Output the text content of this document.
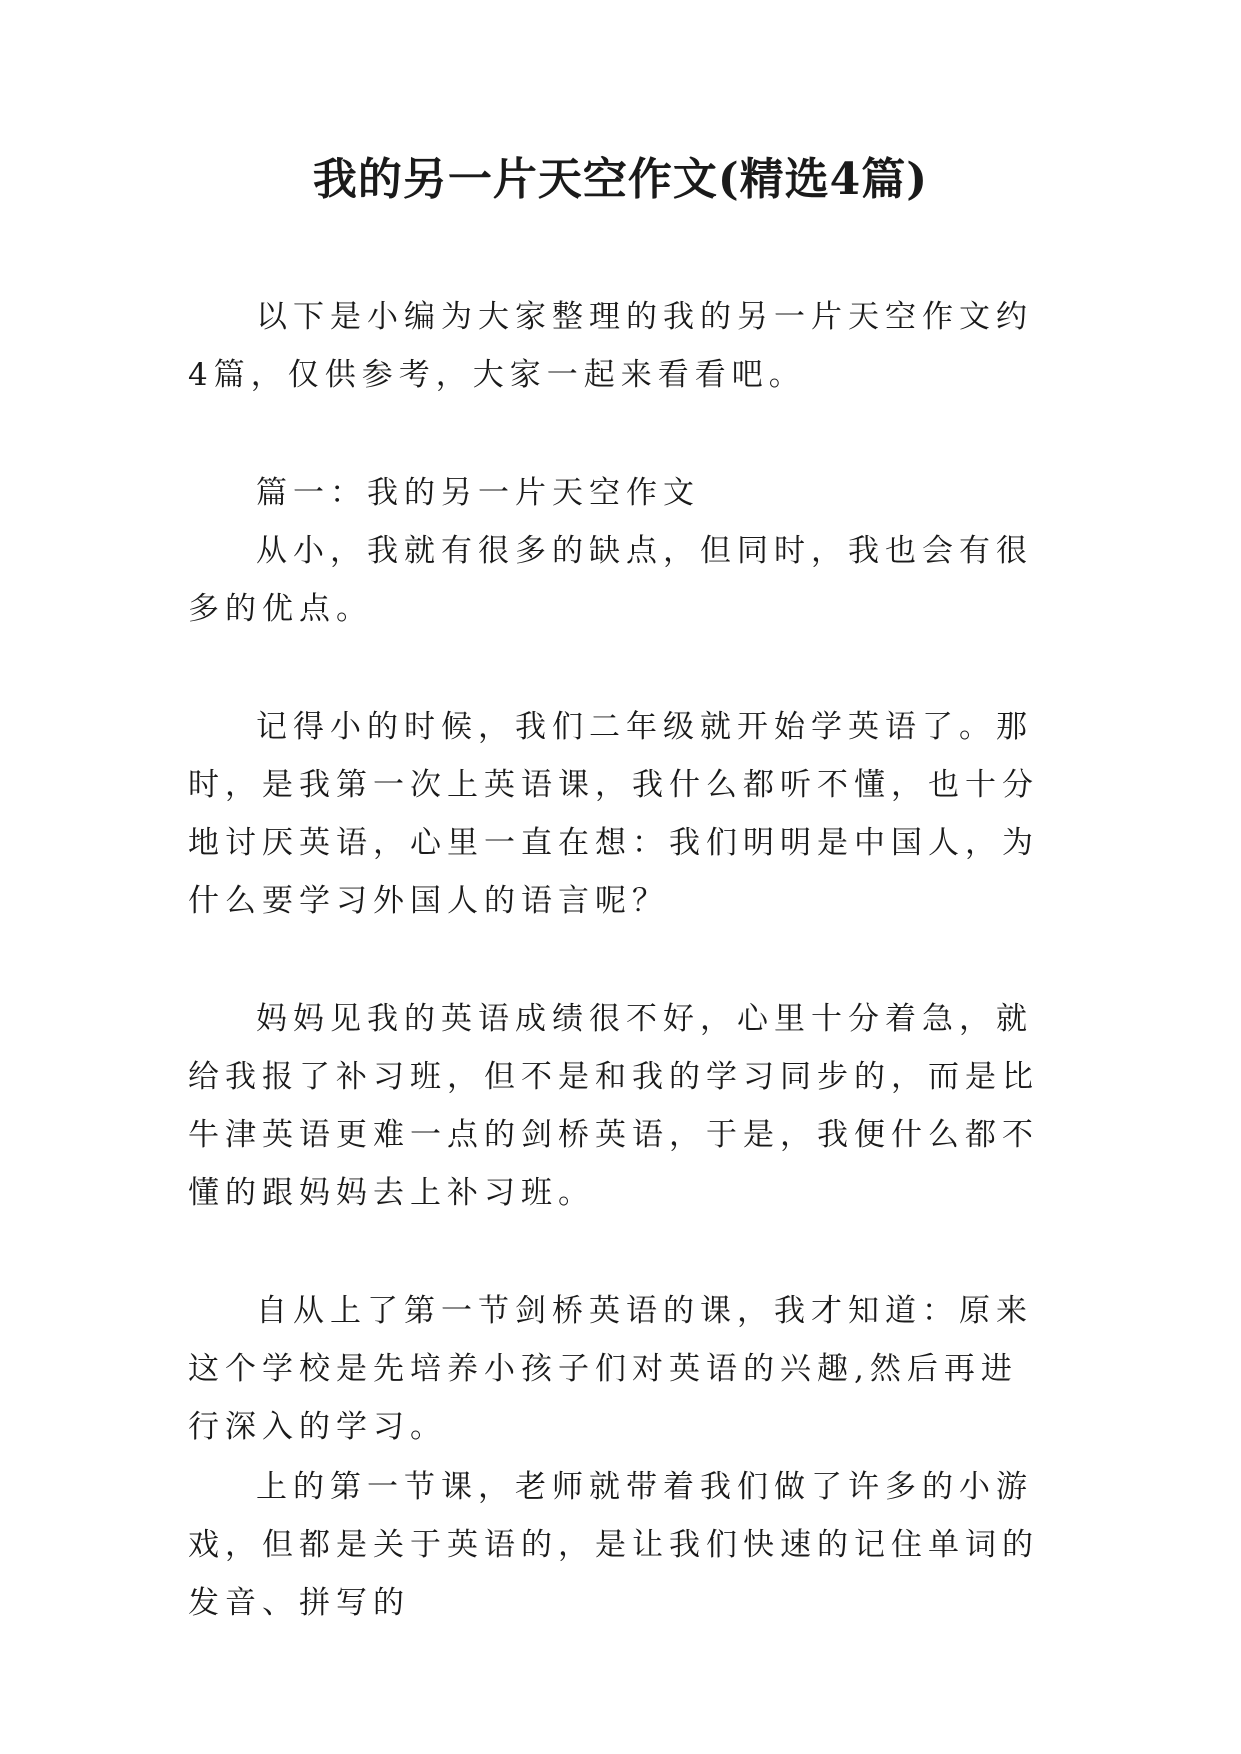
我的另一片天空作文(精选4篇)

以下是小编为大家整理的我的另一片天空作文约4篇，仅供参考，大家一起来看看吧。

篇一：我的另一片天空作文

从小，我就有很多的缺点，但同时，我也会有很多的优点。

记得小的时候，我们二年级就开始学英语了。那时，是我第一次上英语课，我什么都听不懂，也十分地讨厌英语，心里一直在想：我们明明是中国人，为什么要学习外国人的语言呢？

妈妈见我的英语成绩很不好，心里十分着急，就给我报了补习班，但不是和我的学习同步的，而是比牛津英语更难一点的剑桥英语，于是，我便什么都不懂的跟妈妈去上补习班。

自从上了第一节剑桥英语的课，我才知道：原来这个学校是先培养小孩子们对英语的兴趣,然后再进行深入的学习。

上的第一节课，老师就带着我们做了许多的小游戏，但都是关于英语的，是让我们快速的记住单词的发音、拼写的
